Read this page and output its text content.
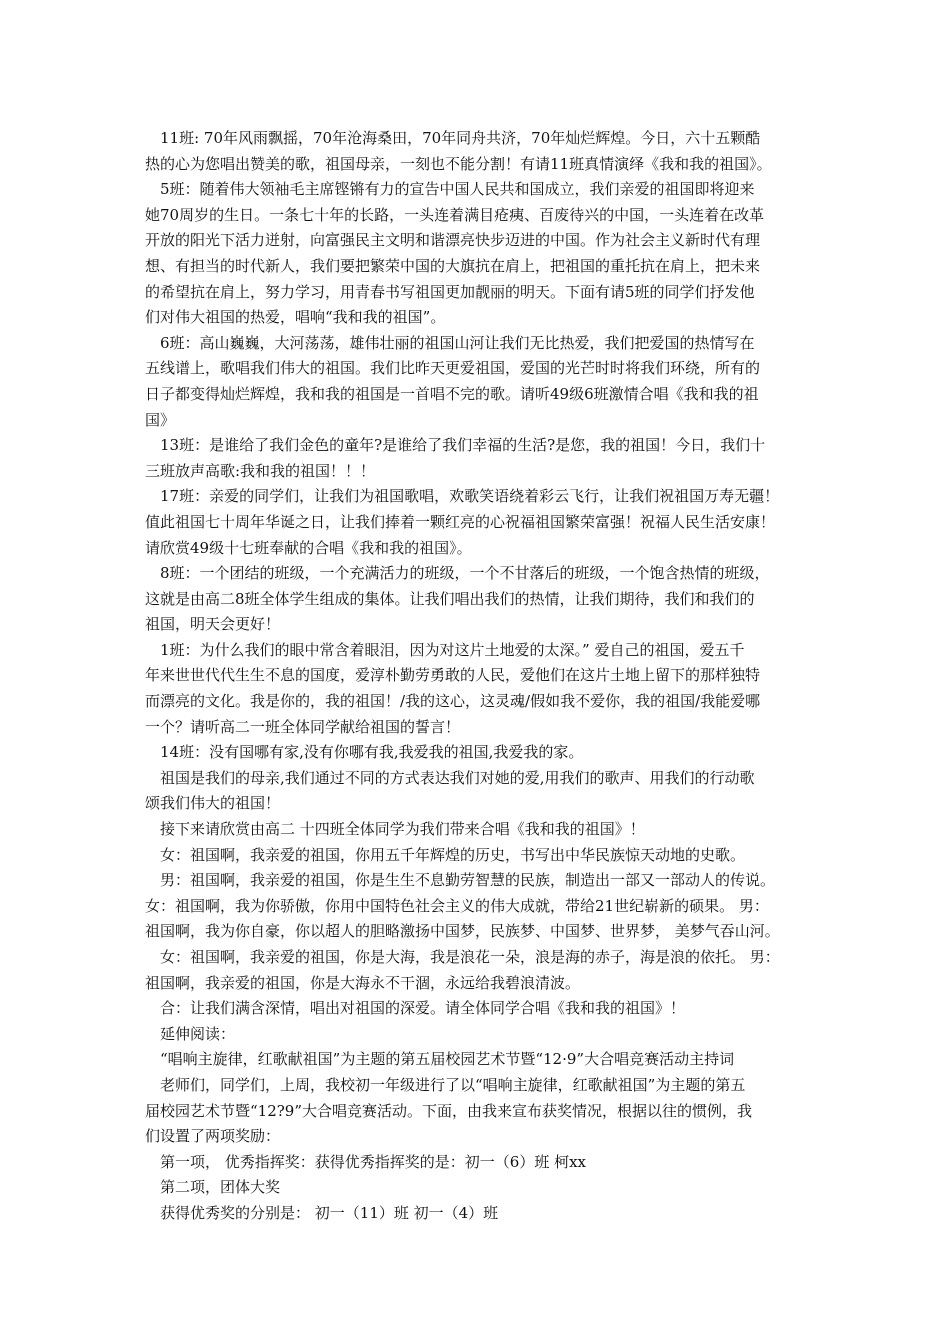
　11班: 70年风雨飘摇，70年沧海桑田，70年同舟共济，70年灿烂辉煌。今日，六十五颗酷
热的心为您唱出赞美的歌，祖国母亲，一刻也不能分割！有请11班真情演绎《我和我的祖国》。
　5班：随着伟大领袖毛主席铿锵有力的宣告中国人民共和国成立，我们亲爱的祖国即将迎来
她70周岁的生日。一条七十年的长路，一头连着满目疮痍、百废待兴的中国，一头连着在改革
开放的阳光下活力迸射，向富强民主文明和谐漂亮快步迈进的中国。作为社会主义新时代有理
想、有担当的时代新人，我们要把繁荣中国的大旗抗在肩上，把祖国的重托抗在肩上，把未来
的希望抗在肩上，努力学习，用青春书写祖国更加靓丽的明天。下面有请5班的同学们抒发他
们对伟大祖国的热爱，唱响“我和我的祖国”。
　6班：高山巍巍，大河荡荡，雄伟壮丽的祖国山河让我们无比热爱，我们把爱国的热情写在
五线谱上，歌唱我们伟大的祖国。我们比昨天更爱祖国，爱国的光芒时时将我们环绕，所有的
日子都变得灿烂辉煌，我和我的祖国是一首唱不完的歌。请听49级6班激情合唱《我和我的祖
国》
　13班：是谁给了我们金色的童年?是谁给了我们幸福的生活?是您，我的祖国！今日，我们十
三班放声高歌:我和我的祖国！！！
　17班：亲爱的同学们，让我们为祖国歌唱，欢歌笑语绕着彩云飞行，让我们祝祖国万寿无疆！
值此祖国七十周年华诞之日，让我们捧着一颗红亮的心祝福祖国繁荣富强！祝福人民生活安康！
请欣赏49级十七班奉献的合唱《我和我的祖国》。
　8班：一个团结的班级，一个充满活力的班级，一个不甘落后的班级，一个饱含热情的班级，
这就是由高二8班全体学生组成的集体。让我们唱出我们的热情，让我们期待，我们和我们的
祖国，明天会更好！
　1班：为什么我们的眼中常含着眼泪，因为对这片土地爱的太深。” 爱自己的祖国，爱五千
年来世世代代生生不息的国度，爱淳朴勤劳勇敢的人民，爱他们在这片土地上留下的那样独特
而漂亮的文化。我是你的，我的祖国！/我的这心，这灵魂/假如我不爱你，我的祖国/我能爱哪
一个？请听高二一班全体同学献给祖国的誓言！
　14班：没有国哪有家,没有你哪有我,我爱我的祖国,我爱我的家。
　祖国是我们的母亲,我们通过不同的方式表达我们对她的爱,用我们的歌声、用我们的行动歌
颂我们伟大的祖国！
　接下来请欣赏由高二 十四班全体同学为我们带来合唱《我和我的祖国》！
　女：祖国啊，我亲爱的祖国，你用五千年辉煌的历史，书写出中华民族惊天动地的史歌。
　男：祖国啊，我亲爱的祖国，你是生生不息勤劳智慧的民族，制造出一部又一部动人的传说。
女：祖国啊，我为你骄傲，你用中国特色社会主义的伟大成就，带给21世纪崭新的硕果。 男：
祖国啊，我为你自豪，你以超人的胆略激扬中国梦，民族梦、中国梦、世界梦， 美梦气吞山河。
　女：祖国啊，我亲爱的祖国，你是大海，我是浪花一朵，浪是海的赤子，海是浪的依托。 男：
祖国啊，我亲爱的祖国，你是大海永不干涸，永远给我碧浪清波。
　合：让我们满含深情，唱出对祖国的深爱。请全体同学合唱《我和我的祖国》！
　延伸阅读：
　“唱响主旋律，红歌献祖国”为主题的第五届校园艺术节暨“12·9”大合唱竞赛活动主持词
　老师们，同学们，上周，我校初一年级进行了以“唱响主旋律，红歌献祖国”为主题的第五
届校园艺术节暨“12?9”大合唱竞赛活动。下面，由我来宣布获奖情况，根据以往的惯例，我
们设置了两项奖励：
　第一项， 优秀指挥奖：获得优秀指挥奖的是：初一（6）班 柯xx
　第二项，团体大奖
　获得优秀奖的分别是： 初一（11）班 初一（4）班
